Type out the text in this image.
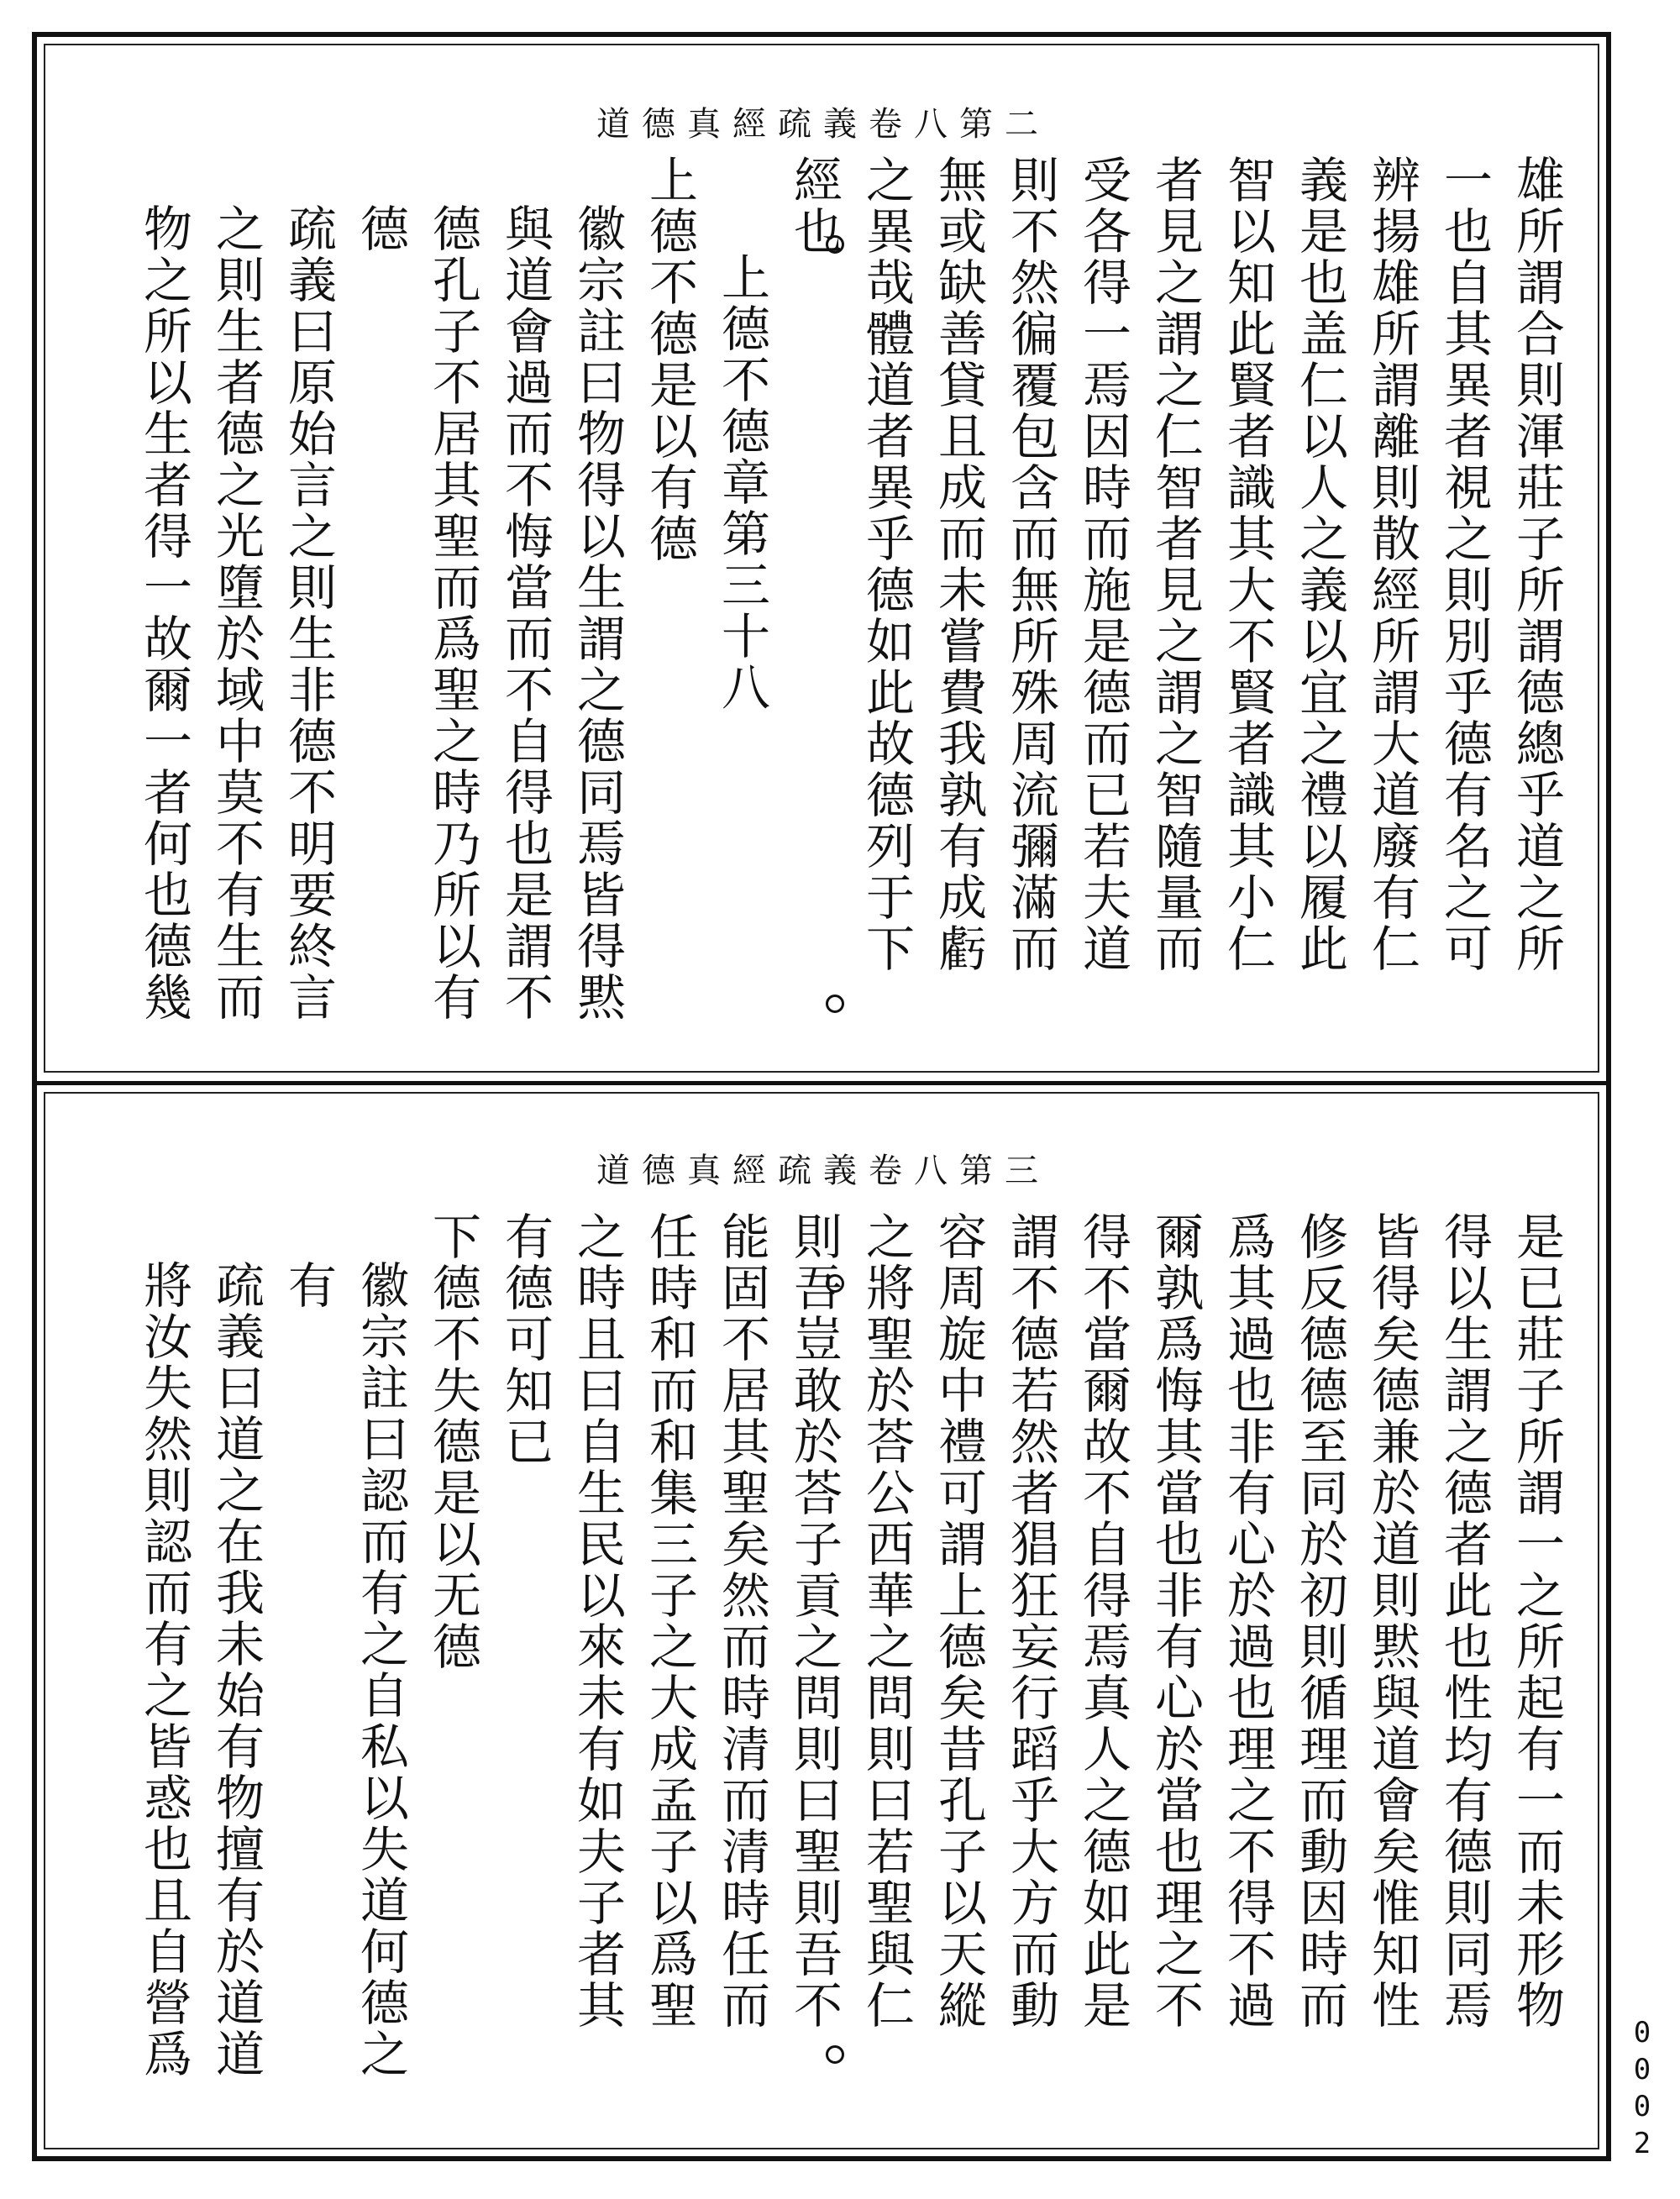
道德真經疏義卷八第二

雄所謂合則渾莊子所謂德總乎道之所

一也自其異者視之則別乎德有名之可

辨揚雄所謂離則散經所謂大道廢有仁

義是也盖仁以人之義以宜之禮以履此

智以知此賢者識其大不賢者識其小仁

者見之謂之仁智者見之謂之智隨量而

受各得一焉因時而施是德而已若夫道

則不然徧覆包含而無所殊周流彌滿而

無或缺善貸且成而未嘗費我孰有成虧

之異哉體道者異乎德如此故德列于下

經也

上德不德章第三十八

上德不德是以有德

徽宗註曰物得以生謂之德同焉皆得黙

與道會過而不悔當而不自得也是謂不

德孔子不居其聖而爲聖之時乃所以有

德

疏義曰原始言之則生非德不明要終言

之則生者德之光墮於域中莫不有生而

物之所以生者得一故爾一者何也德幾

道德真經疏義卷八第三

是已莊子所謂一之所起有一而未形物

得以生謂之德者此也性均有德則同焉

皆得矣德兼於道則黙與道會矣惟知性

修反德德至同於初則循理而動因時而

爲其過也非有心於過也理之不得不過

爾孰爲悔其當也非有心於當也理之不

得不當爾故不自得焉真人之德如此是

謂不德若然者猖狂妄行蹈乎大方而動

容周旋中禮可謂上德矣昔孔子以天縱

之將聖於荅公西華之問則曰若聖與仁

則吾豈敢於荅子貢之問則曰聖則吾不

能固不居其聖矣然而時清而清時任而

任時和而和集三子之大成孟子以爲聖

之時且曰自生民以來未有如夫子者其

有德可知已

下德不失德是以无德

徽宗註曰認而有之自私以失道何德之

有

疏義曰道之在我未始有物擅有於道道

將汝失然則認而有之皆惑也且自營爲

0002
